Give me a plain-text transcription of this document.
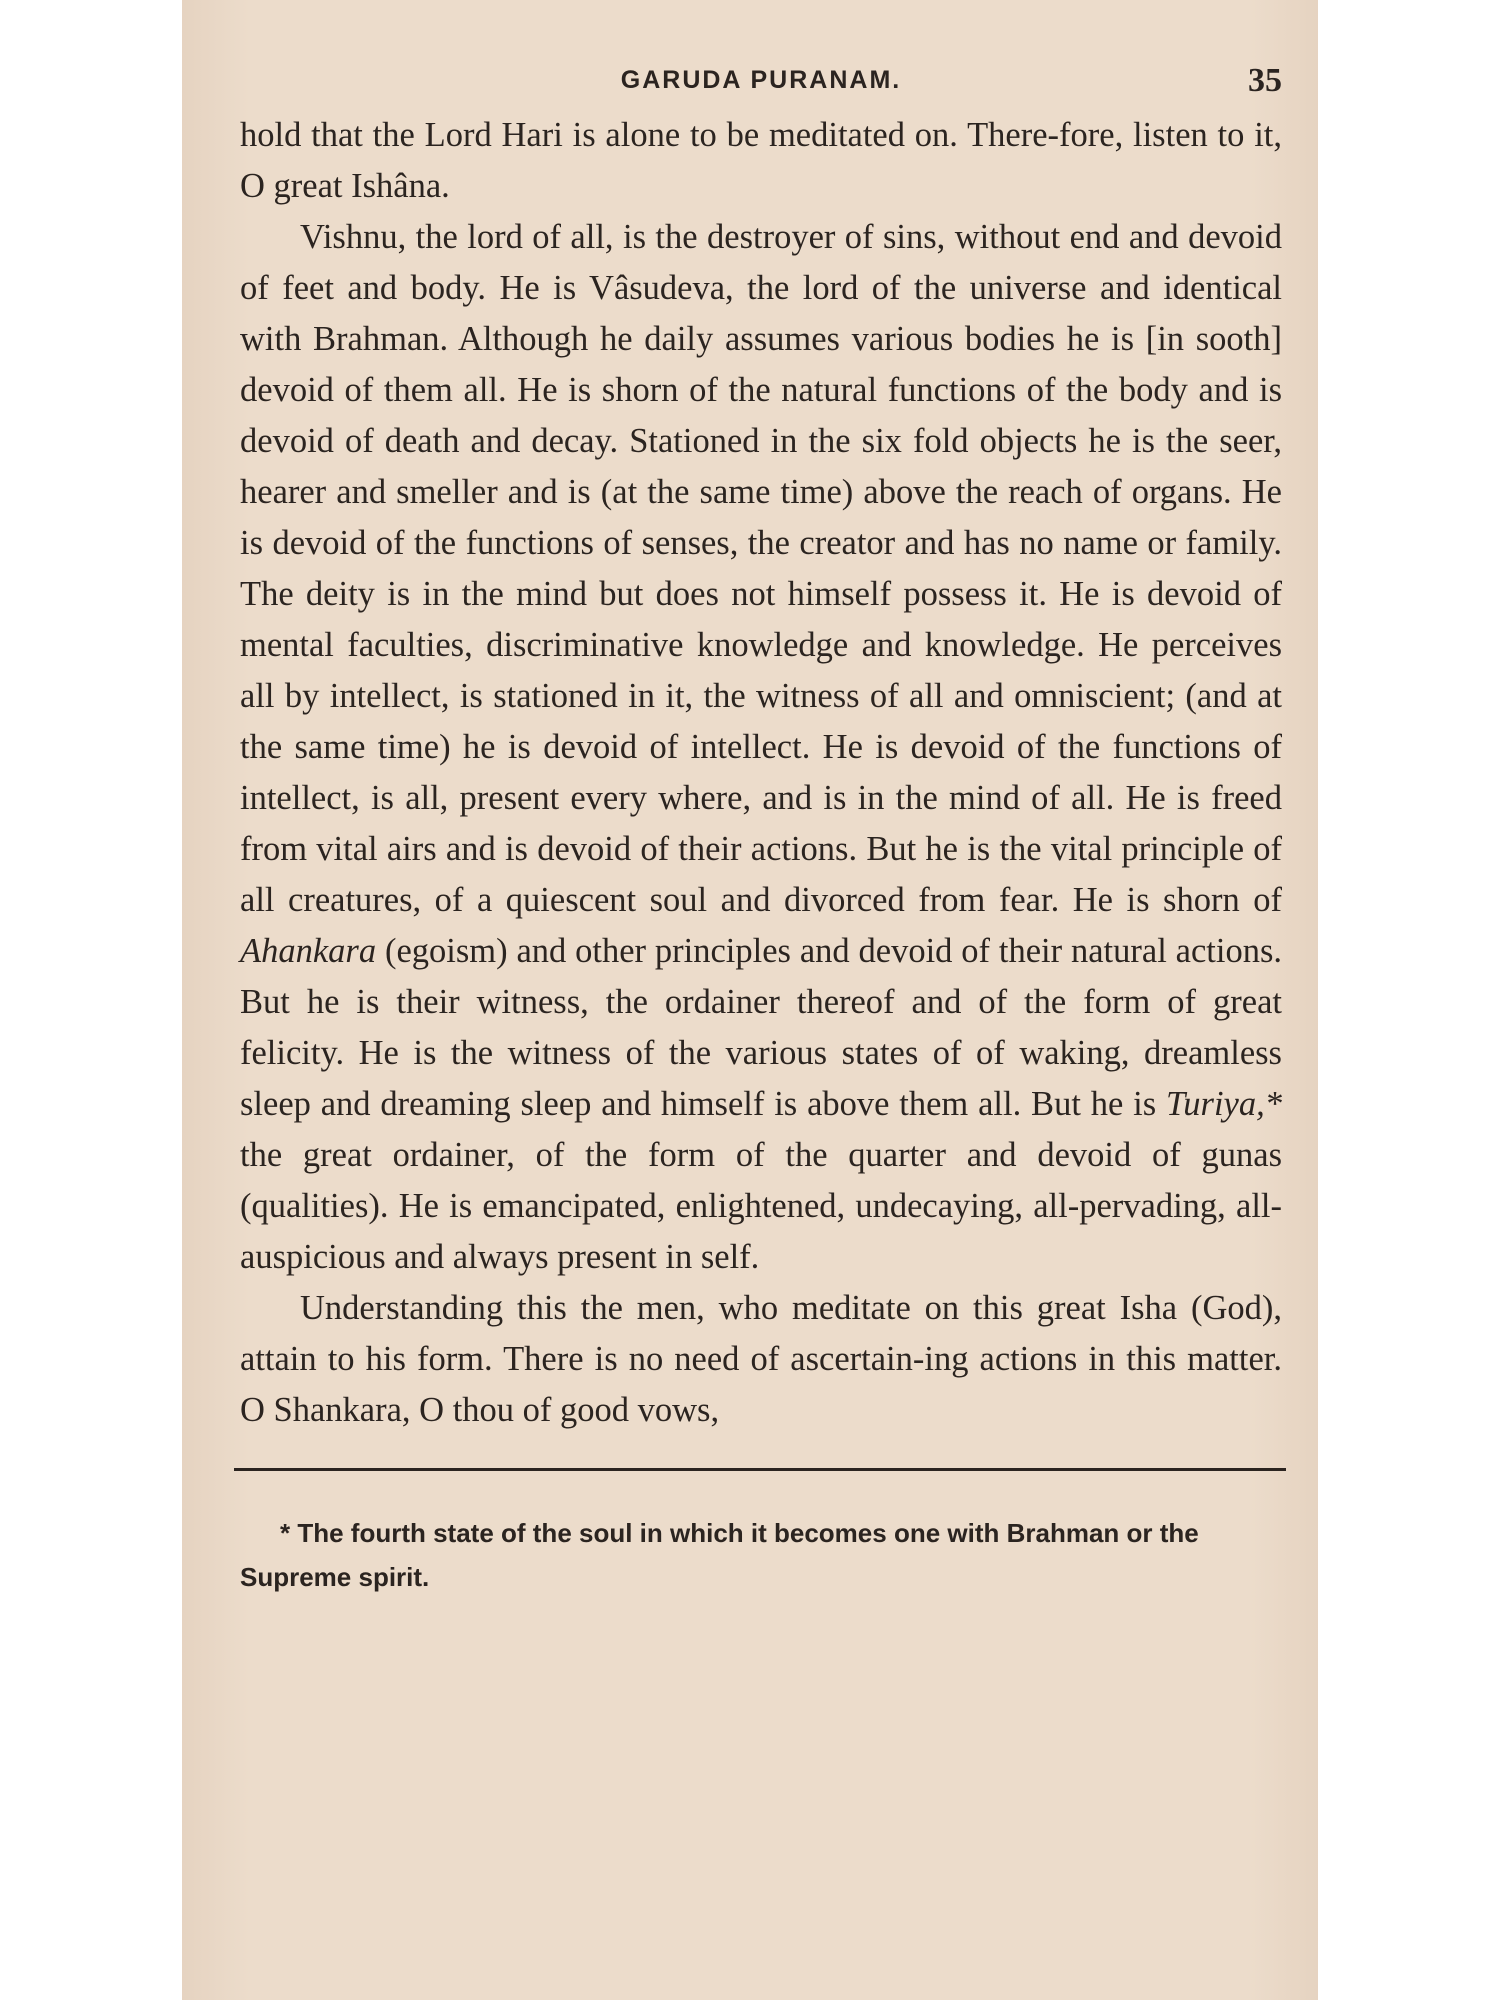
GARUDA PURANAM.	35

hold that the Lord Hari is alone to be meditated on. There-fore, listen to it, O great Ishâna.

Vishnu, the lord of all, is the destroyer of sins, without end and devoid of feet and body. He is Vâsudeva, the lord of the universe and identical with Brahman. Although he daily assumes various bodies he is [in sooth] devoid of them all. He is shorn of the natural functions of the body and is devoid of death and decay. Stationed in the six fold objects he is the seer, hearer and smeller and is (at the same time) above the reach of organs. He is devoid of the functions of senses, the creator and has no name or family. The deity is in the mind but does not himself possess it. He is devoid of mental faculties, discriminative knowledge and knowledge. He perceives all by intellect, is stationed in it, the witness of all and omniscient; (and at the same time) he is devoid of intellect. He is devoid of the functions of intellect, is all, present every where, and is in the mind of all. He is freed from vital airs and is devoid of their actions. But he is the vital principle of all creatures, of a quiescent soul and divorced from fear. He is shorn of Ahankara (egoism) and other principles and devoid of their natural actions. But he is their witness, the ordainer thereof and of the form of great felicity. He is the witness of the various states of of waking, dreamless sleep and dreaming sleep and himself is above them all. But he is Turiya,* the great ordainer, of the form of the quarter and devoid of gunas (qualities). He is emancipated, enlightened, undecaying, all-pervading, all-auspicious and always present in self.

Understanding this the men, who meditate on this great Isha (God), attain to his form. There is no need of ascertain-ing actions in this matter. O Shankara, O thou of good vows,

* The fourth state of the soul in which it becomes one with Brahman or the Supreme spirit.
